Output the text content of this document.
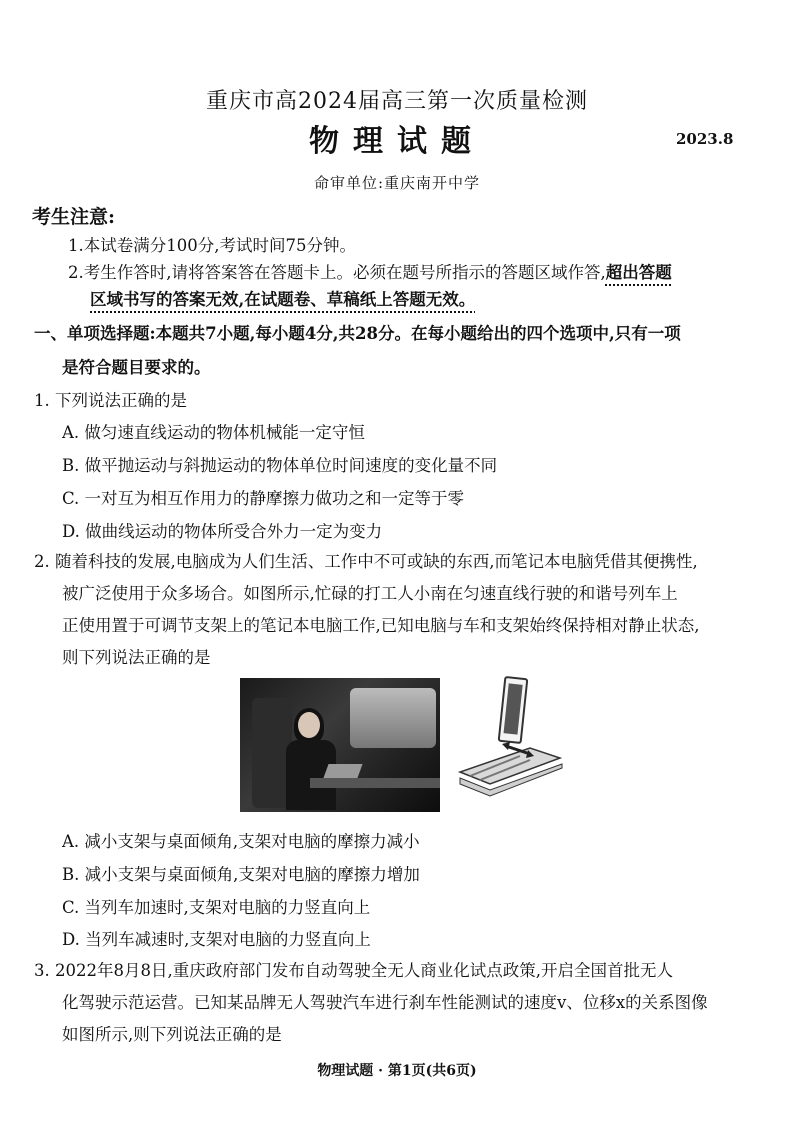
重庆市高2024届高三第一次质量检测
物理试题	2023.8
命审单位:重庆南开中学
考生注意:
1.本试卷满分100分,考试时间75分钟。
2.考生作答时,请将答案答在答题卡上。必须在题号所指示的答题区域作答,超出答题
区域书写的答案无效,在试题卷、草稿纸上答题无效。
一、单项选择题:本题共7小题,每小题4分,共28分。在每小题给出的四个选项中,只有一项
是符合题目要求的。
1. 下列说法正确的是
A. 做匀速直线运动的物体机械能一定守恒
B. 做平抛运动与斜抛运动的物体单位时间速度的变化量不同
C. 一对互为相互作用力的静摩擦力做功之和一定等于零
D. 做曲线运动的物体所受合外力一定为变力
2. 随着科技的发展,电脑成为人们生活、工作中不可或缺的东西,而笔记本电脑凭借其便携性,
被广泛使用于众多场合。如图所示,忙碌的打工人小南在匀速直线行驶的和谐号列车上
正使用置于可调节支架上的笔记本电脑工作,已知电脑与车和支架始终保持相对静止状态,
则下列说法正确的是
A. 减小支架与桌面倾角,支架对电脑的摩擦力减小
B. 减小支架与桌面倾角,支架对电脑的摩擦力增加
C. 当列车加速时,支架对电脑的力竖直向上
D. 当列车减速时,支架对电脑的力竖直向上
3. 2022年8月8日,重庆政府部门发布自动驾驶全无人商业化试点政策,开启全国首批无人
化驾驶示范运营。已知某品牌无人驾驶汽车进行刹车性能测试的速度v、位移x的关系图像
如图所示,则下列说法正确的是
物理试题 · 第1页(共6页)
